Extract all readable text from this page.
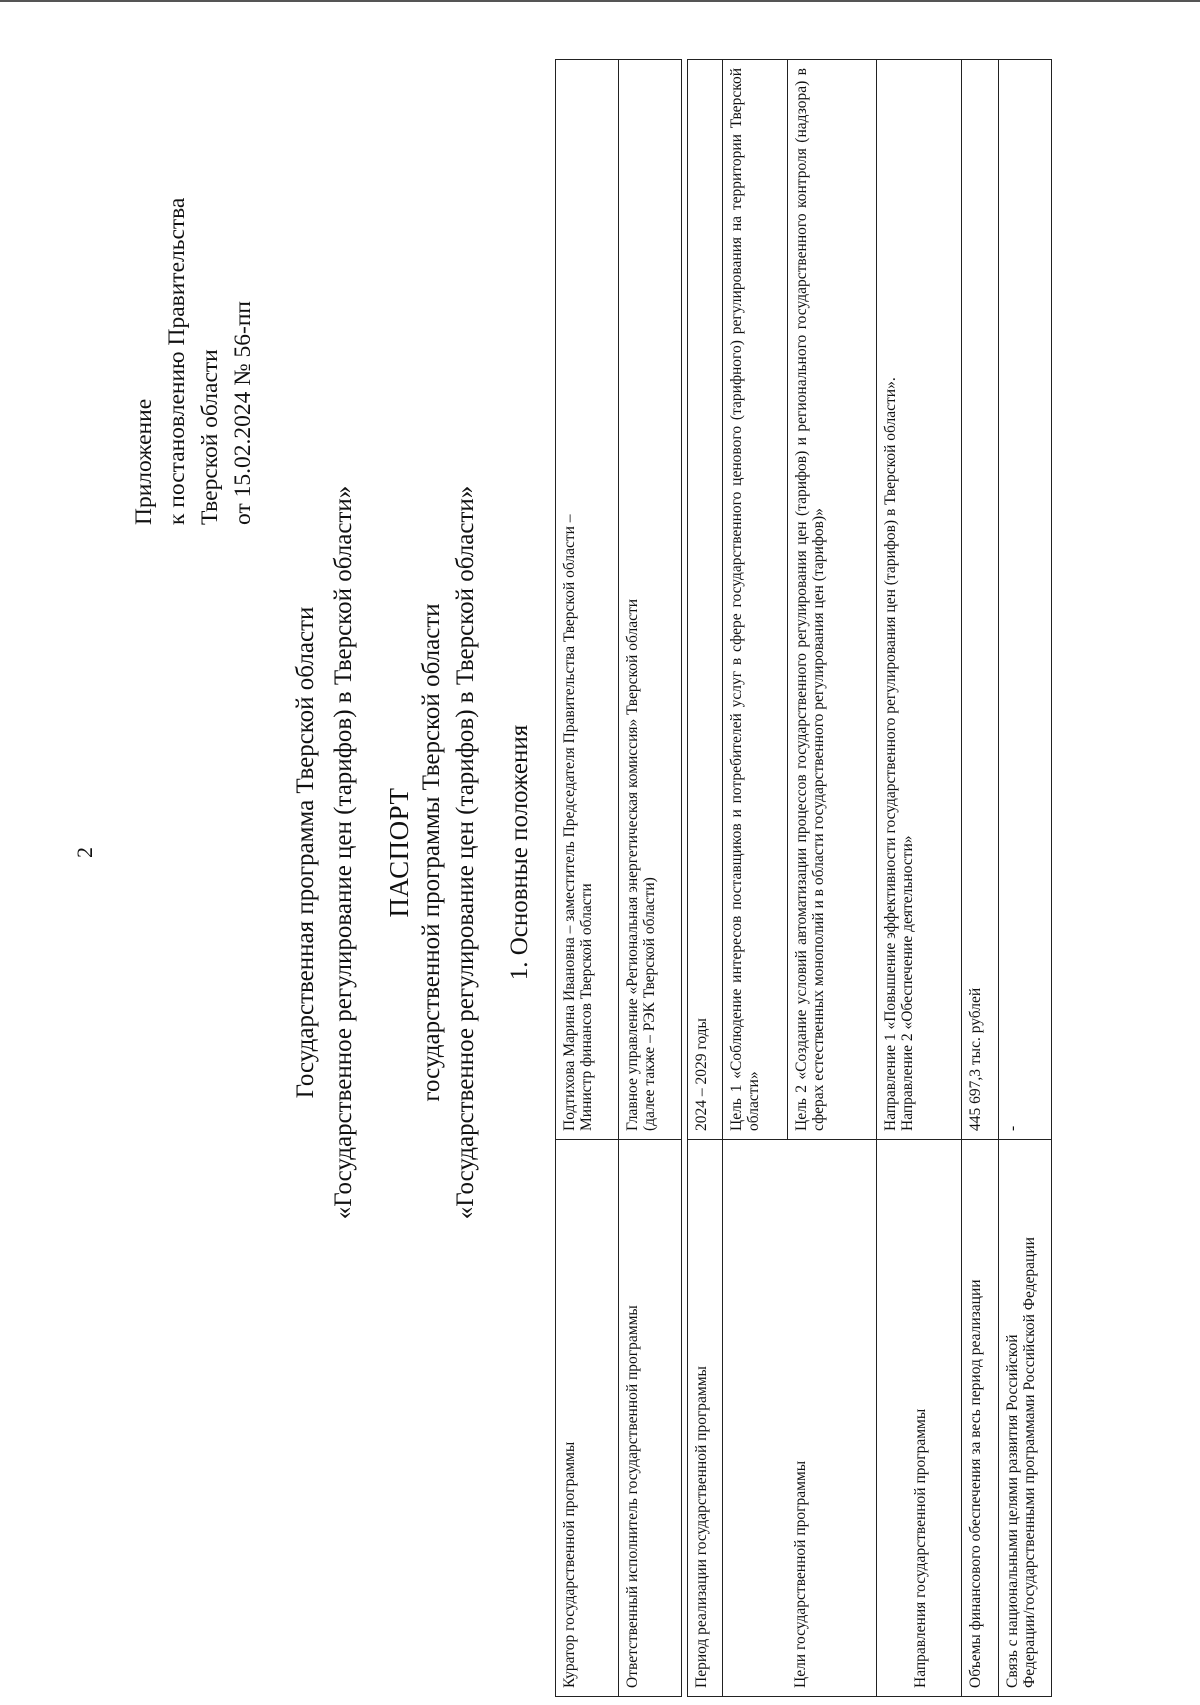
2
Приложение к постановлению Правительства Тверской области от 15.02.2024 № 56-пп
Государственная программа Тверской области «Государственное регулирование цен (тарифов) в Тверской области» ПАСПОРТ государственной программы Тверской области «Государственное регулирование цен (тарифов) в Тверской области» 1. Основные положения
Куратор государственной программы	Подтихова Марина Ивановна – заместитель Председателя Правительства Тверской области – Министр финансов Тверской области

Ответственный исполнитель государственной программы	Главное управление «Региональная энергетическая комиссия» Тверской области (далее также – РЭК Тверской области)

Период реализации государственной программы	2024 – 2029 годы
Цели государственной программы	Цель 1 «Соблюдение интересов поставщиков и потребителей услуг в сфере государственного ценового (тарифного) регулирования на территории Тверской области»
	Цель 2 «Создание условий автоматизации процессов государственного регулирования цен (тарифов) и регионального государственного контроля (надзора) в сферах естественных монополий и в области государственного регулирования цен (тарифов)»
Направления государственной программы	Направление 1 «Повышение эффективности государственного регулирования цен (тарифов) в Тверской области». Направление 2 «Обеспечение деятельности»

Объемы финансового обеспечения за весь период реализации	445 697,3 тыс. рублей

Связь с национальными целями развития Российской Федерации/государственными программами Российской Федерации	-
